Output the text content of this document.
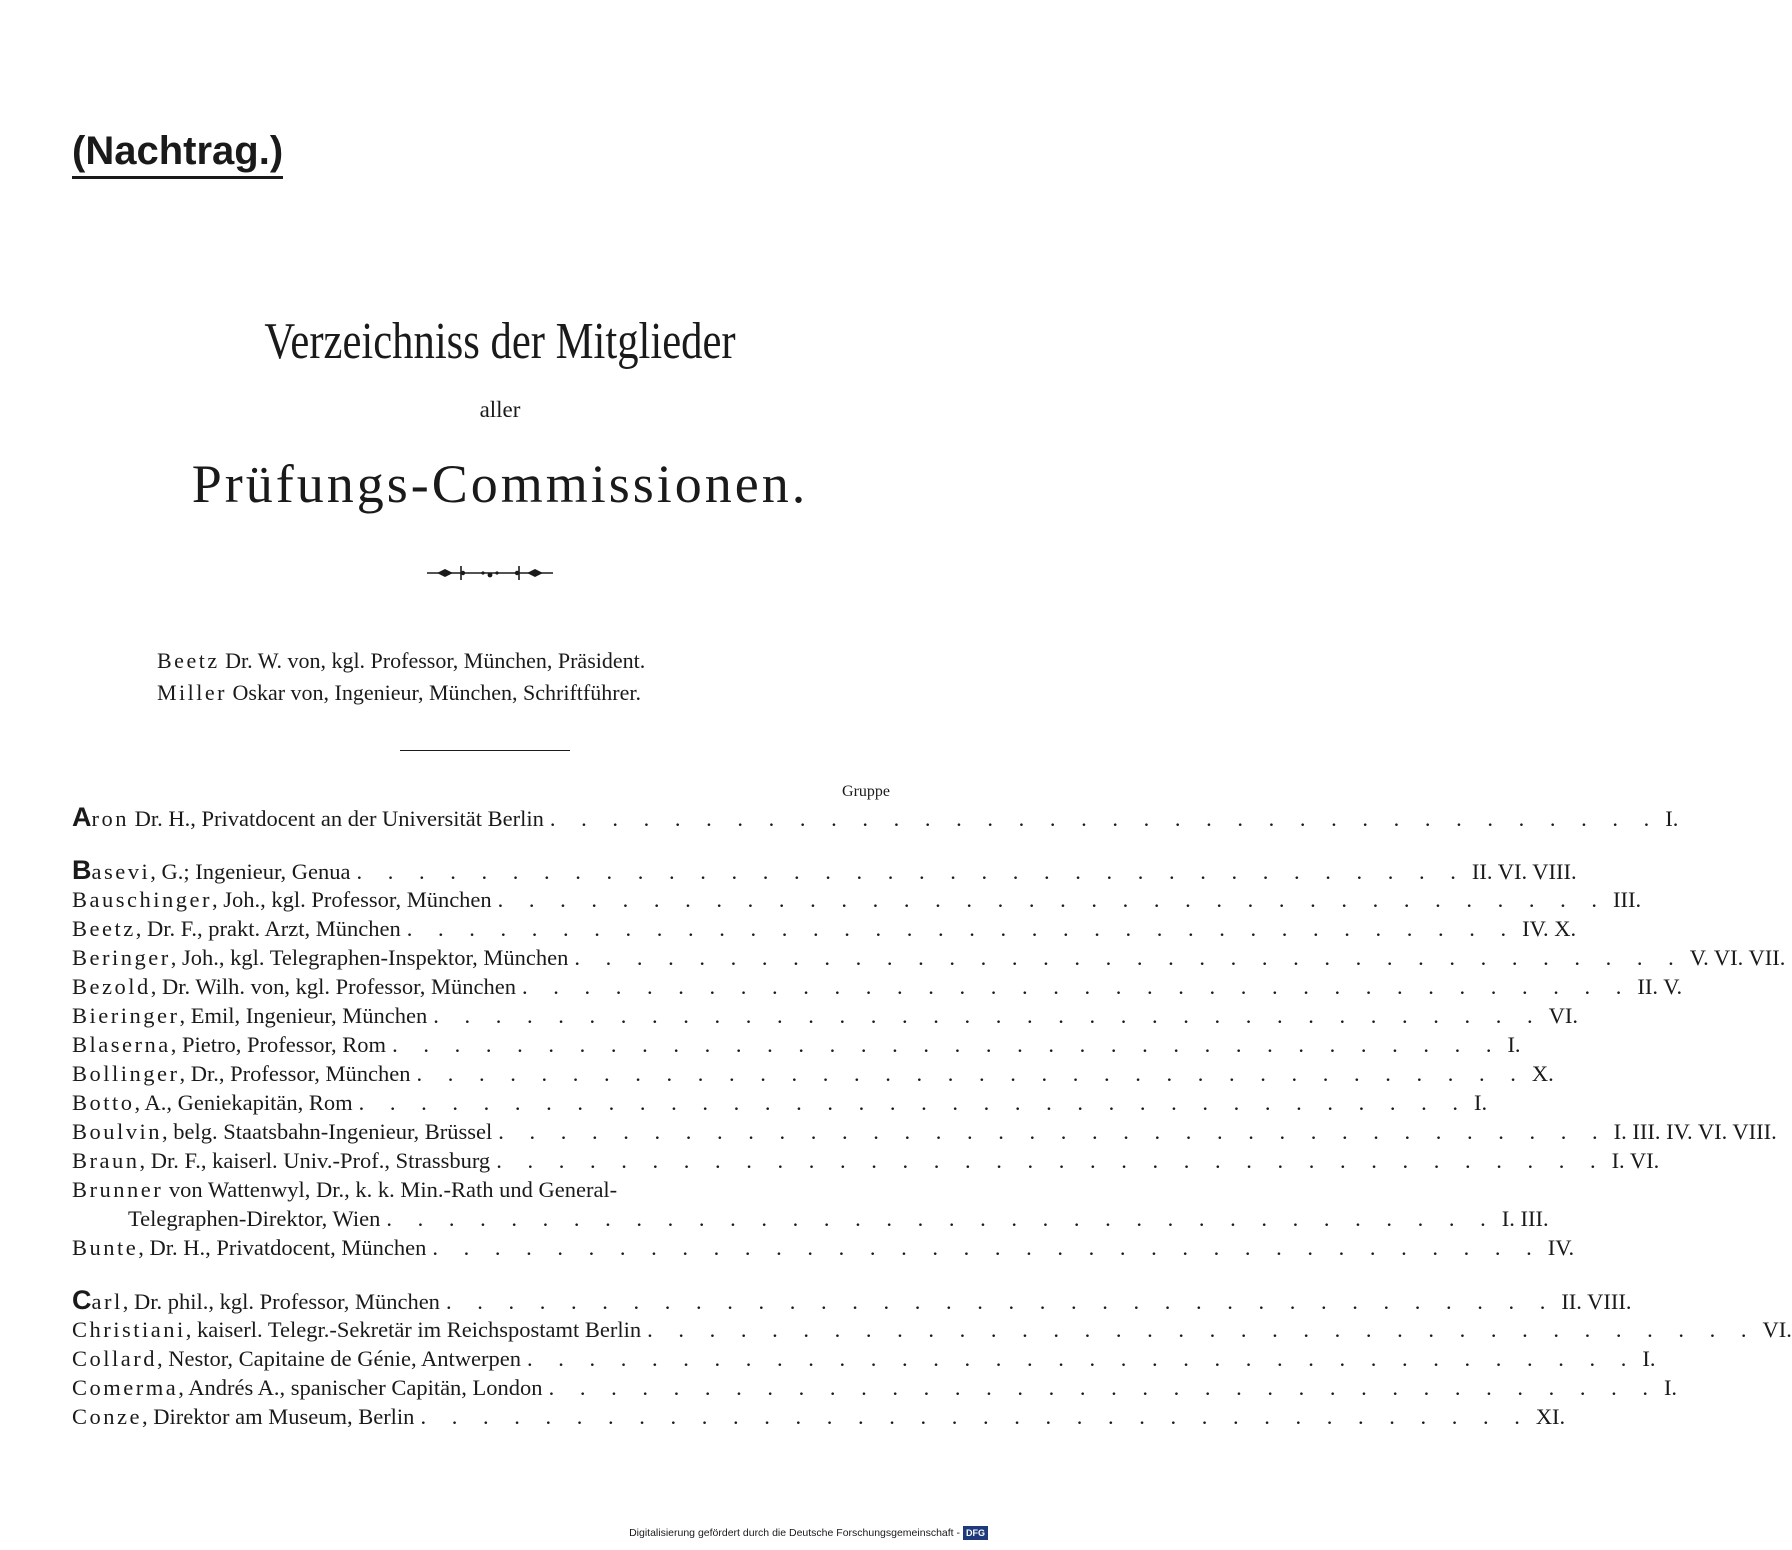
(Nachtrag.)
Verzeichniss der Mitglieder
aller
Prüfungs-Commissionen.
Beetz Dr. W. von, kgl. Professor, München, Präsident.
Miller Oskar von, Ingenieur, München, Schriftführer.
Gruppe
Aron Dr. H., Privatdocent an der Universität Berlin . . . . . . . . . . . . . . . . . . . . . . . . . . . . . . . . . . . . I.
Basevi, G.; Ingenieur, Genua . . . . . . . . . . . . . . . . . . . . . . . . . . . . . . . . . . . . II. VI. VIII.
Bauschinger, Joh., kgl. Professor, München . . . . . . . . . . . . . . . . . . . . . . . . . . . . . . . . . . . . III.
Beetz, Dr. F., prakt. Arzt, München . . . . . . . . . . . . . . . . . . . . . . . . . . . . . . . . . . . . IV. X.
Beringer, Joh., kgl. Telegraphen-Inspektor, München . . . . . . . . . . . . . . . . . . . . . . . . . . . . . . . . . . . . V. VI. VII.
Bezold, Dr. Wilh. von, kgl. Professor, München . . . . . . . . . . . . . . . . . . . . . . . . . . . . . . . . . . . . II. V.
Bieringer, Emil, Ingenieur, München . . . . . . . . . . . . . . . . . . . . . . . . . . . . . . . . . . . . VI.
Blaserna, Pietro, Professor, Rom . . . . . . . . . . . . . . . . . . . . . . . . . . . . . . . . . . . . I.
Bollinger, Dr., Professor, München . . . . . . . . . . . . . . . . . . . . . . . . . . . . . . . . . . . . X.
Botto, A., Geniekapitän, Rom . . . . . . . . . . . . . . . . . . . . . . . . . . . . . . . . . . . . I.
Boulvin, belg. Staatsbahn-Ingenieur, Brüssel . . . . . . . . . . . . . . . . . . . . . . . . . . . . . . . . . . . . I. III. IV. VI. VIII.
Braun, Dr. F., kaiserl. Univ.-Prof., Strassburg . . . . . . . . . . . . . . . . . . . . . . . . . . . . . . . . . . . . I. VI.
Brunner von Wattenwyl, Dr., k. k. Min.-Rath und General-
Telegraphen-Direktor, Wien . . . . . . . . . . . . . . . . . . . . . . . . . . . . . . . . . . . . I. III.
Bunte, Dr. H., Privatdocent, München . . . . . . . . . . . . . . . . . . . . . . . . . . . . . . . . . . . . IV.
Carl, Dr. phil., kgl. Professor, München . . . . . . . . . . . . . . . . . . . . . . . . . . . . . . . . . . . . II. VIII.
Christiani, kaiserl. Telegr.-Sekretär im Reichspostamt Berlin . . . . . . . . . . . . . . . . . . . . . . . . . . . . . . . . . . . . VI.
Collard, Nestor, Capitaine de Génie, Antwerpen . . . . . . . . . . . . . . . . . . . . . . . . . . . . . . . . . . . . I.
Comerma, Andrés A., spanischer Capitän, London . . . . . . . . . . . . . . . . . . . . . . . . . . . . . . . . . . . . I.
Conze, Direktor am Museum, Berlin . . . . . . . . . . . . . . . . . . . . . . . . . . . . . . . . . . . . XI.
Digitalisierung gefördert durch die Deutsche Forschungsgemeinschaft - DFG
